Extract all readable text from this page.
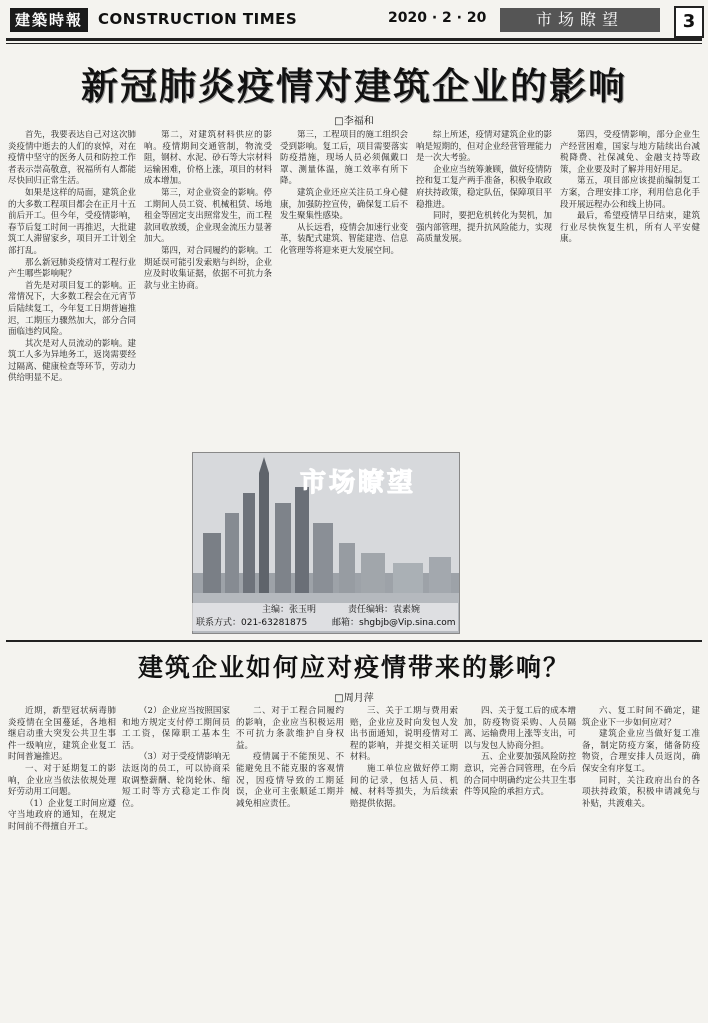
建築時報	CONSTRUCTION TIMES	2020 · 2 · 20	市场瞭望	3
新冠肺炎疫情对建筑企业的影响
□李福和

首先，我要表达自己对这次肺炎疫情中逝去的人们的哀悼，对在疫情中坚守的医务人员和防控工作者表示崇高敬意，祝福所有人都能尽快回归正常生活。

如果是这样的局面，建筑企业的大多数工程项目都会在正月十五前后开工。但今年，受疫情影响，春节后复工时间一再推迟，大批建筑工人滞留家乡，项目开工计划全部打乱。

那么新冠肺炎疫情对工程行业产生哪些影响呢？

首先是对项目复工的影响。正常情况下，大多数工程会在元宵节后陆续复工，今年复工日期普遍推迟，工期压力骤然加大，部分合同面临违约风险。

其次是对人员流动的影响。建筑工人多为异地务工，返岗需要经过隔离、健康检查等环节，劳动力供给明显不足。

第二，对建筑材料供应的影响。疫情期间交通管制，物流受阻，钢材、水泥、砂石等大宗材料运输困难，价格上涨，项目的材料成本增加。

第三，对企业资金的影响。停工期间人员工资、机械租赁、场地租金等固定支出照常发生，而工程款回收放缓，企业现金流压力显著加大。

第四，对合同履约的影响。工期延误可能引发索赔与纠纷，企业应及时收集证据，依据不可抗力条款与业主协商。

第三，工程项目的施工组织会受到影响。复工后，项目需要落实防疫措施，现场人员必须佩戴口罩、测量体温，施工效率有所下降。

建筑企业还应关注员工身心健康，加强防控宣传，确保复工后不发生聚集性感染。

从长远看，疫情会加速行业变革，装配式建筑、智能建造、信息化管理等将迎来更大发展空间。

综上所述，疫情对建筑企业的影响是短期的，但对企业经营管理能力是一次大考验。

企业应当统筹兼顾，做好疫情防控和复工复产两手准备，积极争取政府扶持政策，稳定队伍，保障项目平稳推进。

同时，要把危机转化为契机，加强内部管理，提升抗风险能力，实现高质量发展。

第四，受疫情影响，部分企业生产经营困难，国家与地方陆续出台减税降费、社保减免、金融支持等政策，企业要及时了解并用好用足。

第五，项目部应该提前编制复工方案，合理安排工序，利用信息化手段开展远程办公和线上协同。

最后，希望疫情早日结束，建筑行业尽快恢复生机，所有人平安健康。

市场瞭望
主编：张玉明	责任编辑：袁素婉
联系方式：021-63281875	邮箱：shgbjb@Vip.sina.com
建筑企业如何应对疫情带来的影响？
□周月萍

近期，新型冠状病毒肺炎疫情在全国蔓延，各地相继启动重大突发公共卫生事件一级响应，建筑企业复工时间普遍推迟。

一、对于延期复工的影响，企业应当依法依规处理好劳动用工问题。

（1）企业复工时间应遵守当地政府的通知，在规定时间前不得擅自开工。

（2）企业应当按照国家和地方规定支付停工期间员工工资，保障职工基本生活。

（3）对于受疫情影响无法返岗的员工，可以协商采取调整薪酬、轮岗轮休、缩短工时等方式稳定工作岗位。

二、对于工程合同履约的影响，企业应当积极运用不可抗力条款维护自身权益。

疫情属于不能预见、不能避免且不能克服的客观情况，因疫情导致的工期延误，企业可主张顺延工期并减免相应责任。

三、关于工期与费用索赔，企业应及时向发包人发出书面通知，说明疫情对工程的影响，并提交相关证明材料。

施工单位应做好停工期间的记录，包括人员、机械、材料等损失，为后续索赔提供依据。

四、关于复工后的成本增加，防疫物资采购、人员隔离、运输费用上涨等支出，可以与发包人协商分担。

五、企业要加强风险防控意识，完善合同管理，在今后的合同中明确约定公共卫生事件等风险的承担方式。

六、复工时间不确定，建筑企业下一步如何应对？

建筑企业应当做好复工准备，制定防疫方案，储备防疫物资，合理安排人员返岗，确保安全有序复工。

同时，关注政府出台的各项扶持政策，积极申请减免与补贴，共渡难关。
